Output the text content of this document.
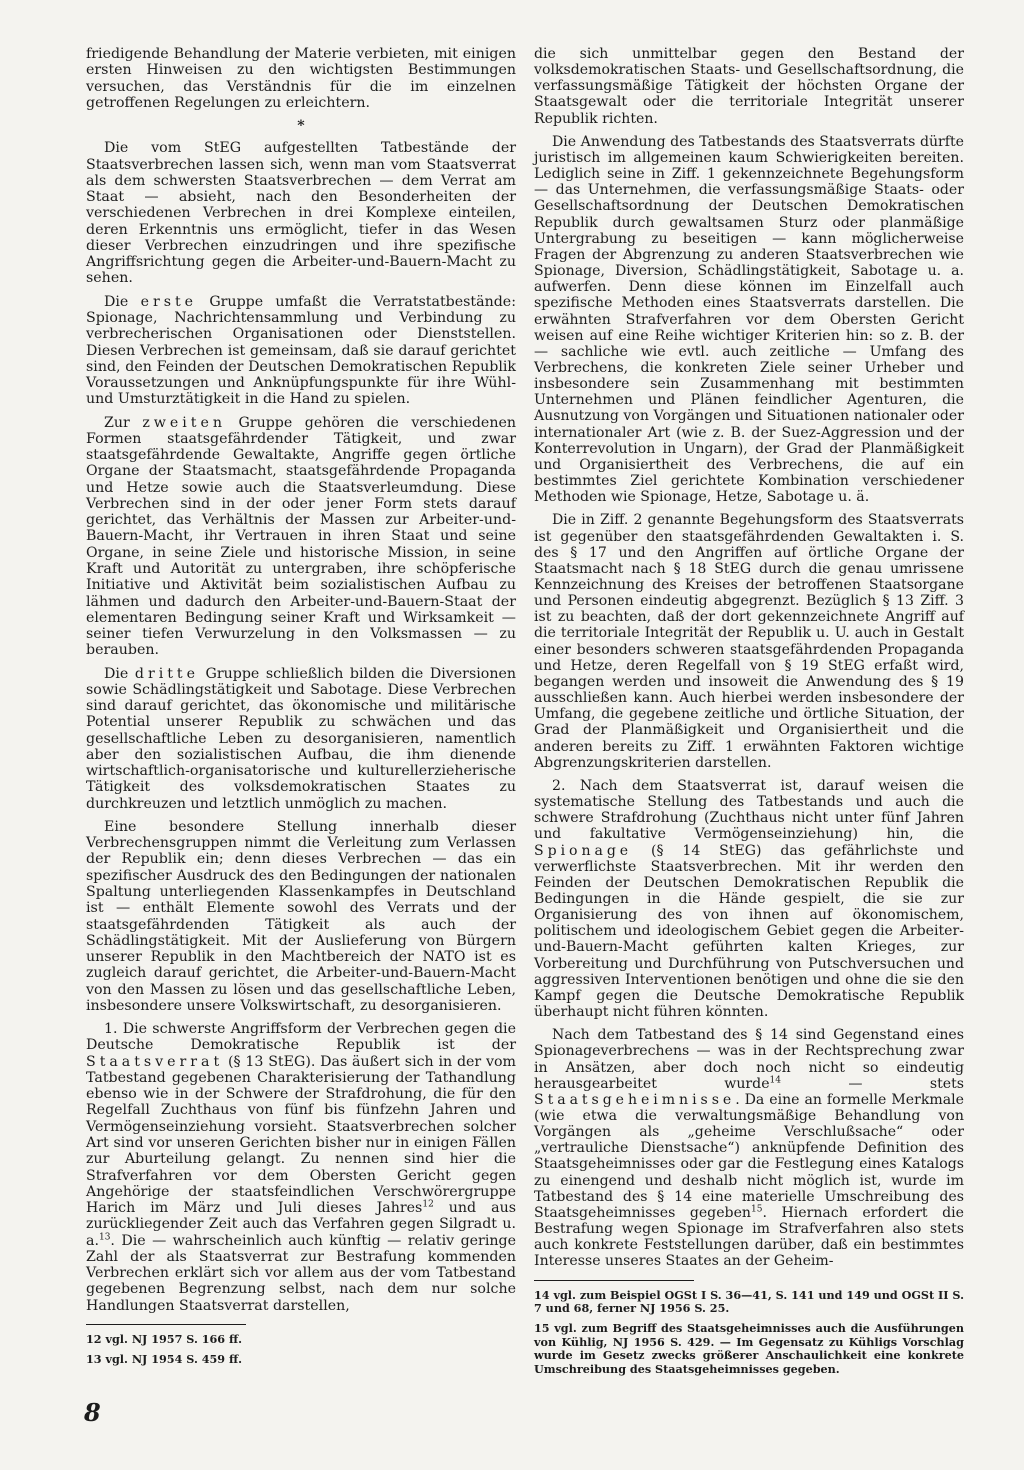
friedigende Behandlung der Materie verbieten, mit einigen ersten Hinweisen zu den wichtigsten Bestimmungen versuchen, das Verständnis für die im einzelnen getroffenen Regelungen zu erleichtern.

*

Die vom StEG aufgestellten Tatbestände der Staatsverbrechen lassen sich, wenn man vom Staatsverrat als dem schwersten Staatsverbrechen — dem Verrat am Staat — absieht, nach den Besonderheiten der verschiedenen Verbrechen in drei Komplexe einteilen, deren Erkenntnis uns ermöglicht, tiefer in das Wesen dieser Verbrechen einzudringen und ihre spezifische Angriffsrichtung gegen die Arbeiter-und-Bauern-Macht zu sehen.

Die erste Gruppe umfaßt die Verratstatbestände: Spionage, Nachrichtensammlung und Verbindung zu verbrecherischen Organisationen oder Dienststellen. Diesen Verbrechen ist gemeinsam, daß sie darauf gerichtet sind, den Feinden der Deutschen Demokratischen Republik Voraussetzungen und Anknüpfungspunkte für ihre Wühl- und Umsturztätigkeit in die Hand zu spielen.

Zur zweiten Gruppe gehören die verschiedenen Formen staatsgefährdender Tätigkeit, und zwar staatsgefährdende Gewaltakte, Angriffe gegen örtliche Organe der Staatsmacht, staatsgefährdende Propaganda und Hetze sowie auch die Staatsverleumdung. Diese Verbrechen sind in der oder jener Form stets darauf gerichtet, das Verhältnis der Massen zur Arbeiter-und-Bauern-Macht, ihr Vertrauen in ihren Staat und seine Organe, in seine Ziele und historische Mission, in seine Kraft und Autorität zu untergraben, ihre schöpferische Initiative und Aktivität beim sozialistischen Aufbau zu lähmen und dadurch den Arbeiter-und-Bauern-Staat der elementaren Bedingung seiner Kraft und Wirksamkeit — seiner tiefen Verwurzelung in den Volksmassen — zu berauben.

Die dritte Gruppe schließlich bilden die Diversionen sowie Schädlingstätigkeit und Sabotage. Diese Verbrechen sind darauf gerichtet, das ökonomische und militärische Potential unserer Republik zu schwächen und das gesellschaftliche Leben zu desorganisieren, namentlich aber den sozialistischen Aufbau, die ihm dienende wirtschaftlich-organisatorische und kulturellerzieherische Tätigkeit des volksdemokratischen Staates zu durchkreuzen und letztlich unmöglich zu machen.

Eine besondere Stellung innerhalb dieser Verbrechensgruppen nimmt die Verleitung zum Verlassen der Republik ein; denn dieses Verbrechen — das ein spezifischer Ausdruck des den Bedingungen der nationalen Spaltung unterliegenden Klassenkampfes in Deutschland ist — enthält Elemente sowohl des Verrats und der staatsgefährdenden Tätigkeit als auch der Schädlingstätigkeit. Mit der Auslieferung von Bürgern unserer Republik in den Machtbereich der NATO ist es zugleich darauf gerichtet, die Arbeiter-und-Bauern-Macht von den Massen zu lösen und das gesellschaftliche Leben, insbesondere unsere Volkswirtschaft, zu desorganisieren.

1. Die schwerste Angriffsform der Verbrechen gegen die Deutsche Demokratische Republik ist der Staatsverrat (§ 13 StEG). Das äußert sich in der vom Tatbestand gegebenen Charakterisierung der Tathandlung ebenso wie in der Schwere der Strafdrohung, die für den Regelfall Zuchthaus von fünf bis fünfzehn Jahren und Vermögenseinziehung vorsieht. Staatsverbrechen solcher Art sind vor unseren Gerichten bisher nur in einigen Fällen zur Aburteilung gelangt. Zu nennen sind hier die Strafverfahren vor dem Obersten Gericht gegen Angehörige der staatsfeindlichen Verschwörergruppe Harich im März und Juli dieses Jahres$^{12}$ und aus zurückliegender Zeit auch das Verfahren gegen Silgradt u. a.$^{13}$. Die — wahrscheinlich auch künftig — relativ geringe Zahl der als Staatsverrat zur Bestrafung kommenden Verbrechen erklärt sich vor allem aus der vom Tatbestand gegebenen Begrenzung selbst, nach dem nur solche Handlungen Staatsverrat darstellen,

12 vgl. NJ 1957 S. 166 ff.

13 vgl. NJ 1954 S. 459 ff.

die sich unmittelbar gegen den Bestand der volksdemokratischen Staats- und Gesellschaftsordnung, die verfassungsmäßige Tätigkeit der höchsten Organe der Staatsgewalt oder die territoriale Integrität unserer Republik richten.

Die Anwendung des Tatbestands des Staatsverrats dürfte juristisch im allgemeinen kaum Schwierigkeiten bereiten. Lediglich seine in Ziff. 1 gekennzeichnete Begehungsform — das Unternehmen, die verfassungsmäßige Staats- oder Gesellschaftsordnung der Deutschen Demokratischen Republik durch gewaltsamen Sturz oder planmäßige Untergrabung zu beseitigen — kann möglicherweise Fragen der Abgrenzung zu anderen Staatsverbrechen wie Spionage, Diversion, Schädlingstätigkeit, Sabotage u. a. aufwerfen. Denn diese können im Einzelfall auch spezifische Methoden eines Staatsverrats darstellen. Die erwähnten Strafverfahren vor dem Obersten Gericht weisen auf eine Reihe wichtiger Kriterien hin: so z. B. der — sachliche wie evtl. auch zeitliche — Umfang des Verbrechens, die konkreten Ziele seiner Urheber und insbesondere sein Zusammenhang mit bestimmten Unternehmen und Plänen feindlicher Agenturen, die Ausnutzung von Vorgängen und Situationen nationaler oder internationaler Art (wie z. B. der Suez-Aggression und der Konterrevolution in Ungarn), der Grad der Planmäßigkeit und Organisiertheit des Verbrechens, die auf ein bestimmtes Ziel gerichtete Kombination verschiedener Methoden wie Spionage, Hetze, Sabotage u. ä.

Die in Ziff. 2 genannte Begehungsform des Staatsverrats ist gegenüber den staatsgefährdenden Gewaltakten i. S. des § 17 und den Angriffen auf örtliche Organe der Staatsmacht nach § 18 StEG durch die genau umrissene Kennzeichnung des Kreises der betroffenen Staatsorgane und Personen eindeutig abgegrenzt. Bezüglich § 13 Ziff. 3 ist zu beachten, daß der dort gekennzeichnete Angriff auf die territoriale Integrität der Republik u. U. auch in Gestalt einer besonders schweren staatsgefährdenden Propaganda und Hetze, deren Regelfall von § 19 StEG erfaßt wird, begangen werden und insoweit die Anwendung des § 19 ausschließen kann. Auch hierbei werden insbesondere der Umfang, die gegebene zeitliche und örtliche Situation, der Grad der Planmäßigkeit und Organisiertheit und die anderen bereits zu Ziff. 1 erwähnten Faktoren wichtige Abgrenzungskriterien darstellen.

2. Nach dem Staatsverrat ist, darauf weisen die systematische Stellung des Tatbestands und auch die schwere Strafdrohung (Zuchthaus nicht unter fünf Jahren und fakultative Vermögenseinziehung) hin, die Spionage (§ 14 StEG) das gefährlichste und verwerflichste Staatsverbrechen. Mit ihr werden den Feinden der Deutschen Demokratischen Republik die Bedingungen in die Hände gespielt, die sie zur Organisierung des von ihnen auf ökonomischem, politischem und ideologischem Gebiet gegen die Arbeiter-und-Bauern-Macht geführten kalten Krieges, zur Vorbereitung und Durchführung von Putschversuchen und aggressiven Interventionen benötigen und ohne die sie den Kampf gegen die Deutsche Demokratische Republik überhaupt nicht führen könnten.

Nach dem Tatbestand des § 14 sind Gegenstand eines Spionageverbrechens — was in der Rechtsprechung zwar in Ansätzen, aber doch noch nicht so eindeutig herausgearbeitet wurde$^{14}$ — stets Staatsgeheimnisse. Da eine an formelle Merkmale (wie etwa die verwaltungsmäßige Behandlung von Vorgängen als „geheime Verschlußsache“ oder „vertrauliche Dienstsache“) anknüpfende Definition des Staatsgeheimnisses oder gar die Festlegung eines Katalogs zu einengend und deshalb nicht möglich ist, wurde im Tatbestand des § 14 eine materielle Umschreibung des Staatsgeheimnisses gegeben$^{15}$. Hiernach erfordert die Bestrafung wegen Spionage im Strafverfahren also stets auch konkrete Feststellungen darüber, daß ein bestimmtes Interesse unseres Staates an der Geheim-

14 vgl. zum Beispiel OGSt I S. 36—41, S. 141 und 149 und OGSt II S. 7 und 68, ferner NJ 1956 S. 25.

15 vgl. zum Begriff des Staatsgeheimnisses auch die Ausführungen von Kühlig, NJ 1956 S. 429. — Im Gegensatz zu Kühligs Vorschlag wurde im Gesetz zwecks größerer Anschaulichkeit eine konkrete Umschreibung des Staatsgeheimnisses gegeben.

8
